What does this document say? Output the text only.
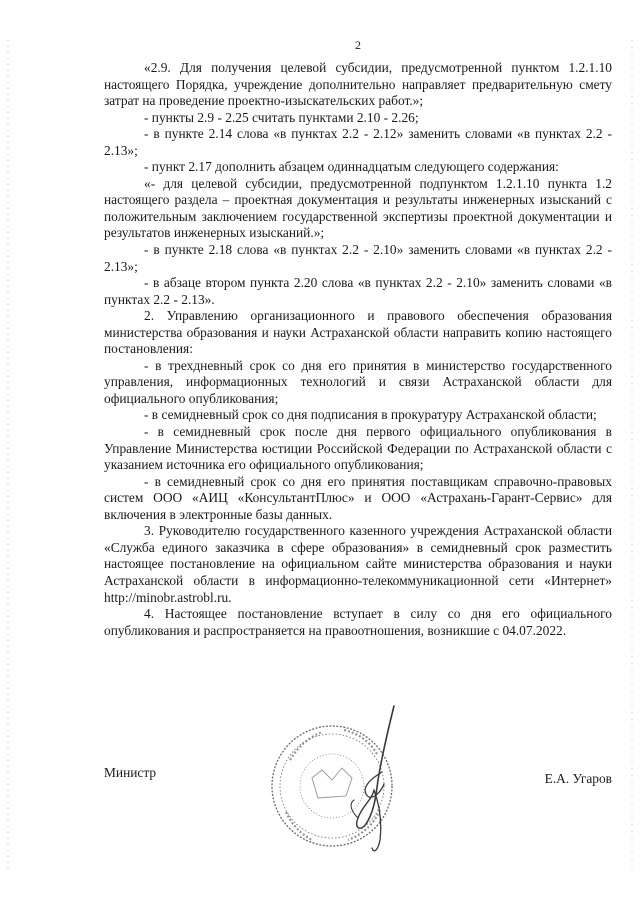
2

«2.9. Для получения целевой субсидии, предусмотренной пунктом 1.2.1.10 настоящего Порядка, учреждение дополнительно направляет предварительную смету затрат на проведение проектно-изыскательских работ.»;

- пункты 2.9 - 2.25 считать пунктами 2.10 - 2.26;

- в пункте 2.14 слова «в пунктах 2.2 - 2.12» заменить словами «в пунктах 2.2 - 2.13»;

- пункт 2.17 дополнить абзацем одиннадцатым следующего содержания:

«- для целевой субсидии, предусмотренной подпунктом 1.2.1.10 пункта 1.2 настоящего раздела – проектная документация и результаты инженерных изысканий с положительным заключением государственной экспертизы проектной документации и результатов инженерных изысканий.»;

- в пункте 2.18 слова «в пунктах 2.2 - 2.10» заменить словами «в пунктах 2.2 - 2.13»;

- в абзаце втором пункта 2.20 слова «в пунктах 2.2 - 2.10» заменить словами «в пунктах 2.2 - 2.13».

2. Управлению организационного и правового обеспечения образования министерства образования и науки Астраханской области направить копию настоящего постановления:

- в трехдневный срок со дня его принятия в министерство государственного управления, информационных технологий и связи Астраханской области для официального опубликования;

- в семидневный срок со дня подписания в прокуратуру Астраханской области;

- в семидневный срок после дня первого официального опубликования в Управление Министерства юстиции Российской Федерации по Астраханской области с указанием источника его официального опубликования;

- в семидневный срок со дня его принятия поставщикам справочно-правовых систем ООО «АИЦ «КонсультантПлюс» и ООО «Астрахань-Гарант-Сервис» для включения в электронные базы данных.

3. Руководителю государственного казенного учреждения Астраханской области «Служба единого заказчика в сфере образования» в семидневный срок разместить настоящее постановление на официальном сайте министерства образования и науки Астраханской области в информационно-телекоммуникационной сети «Интернет» http://minobr.astrobl.ru.

4. Настоящее постановление вступает в силу со дня его официального опубликования и распространяется на правоотношения, возникшие с 04.07.2022.

Министр	Е.А. Угаров
